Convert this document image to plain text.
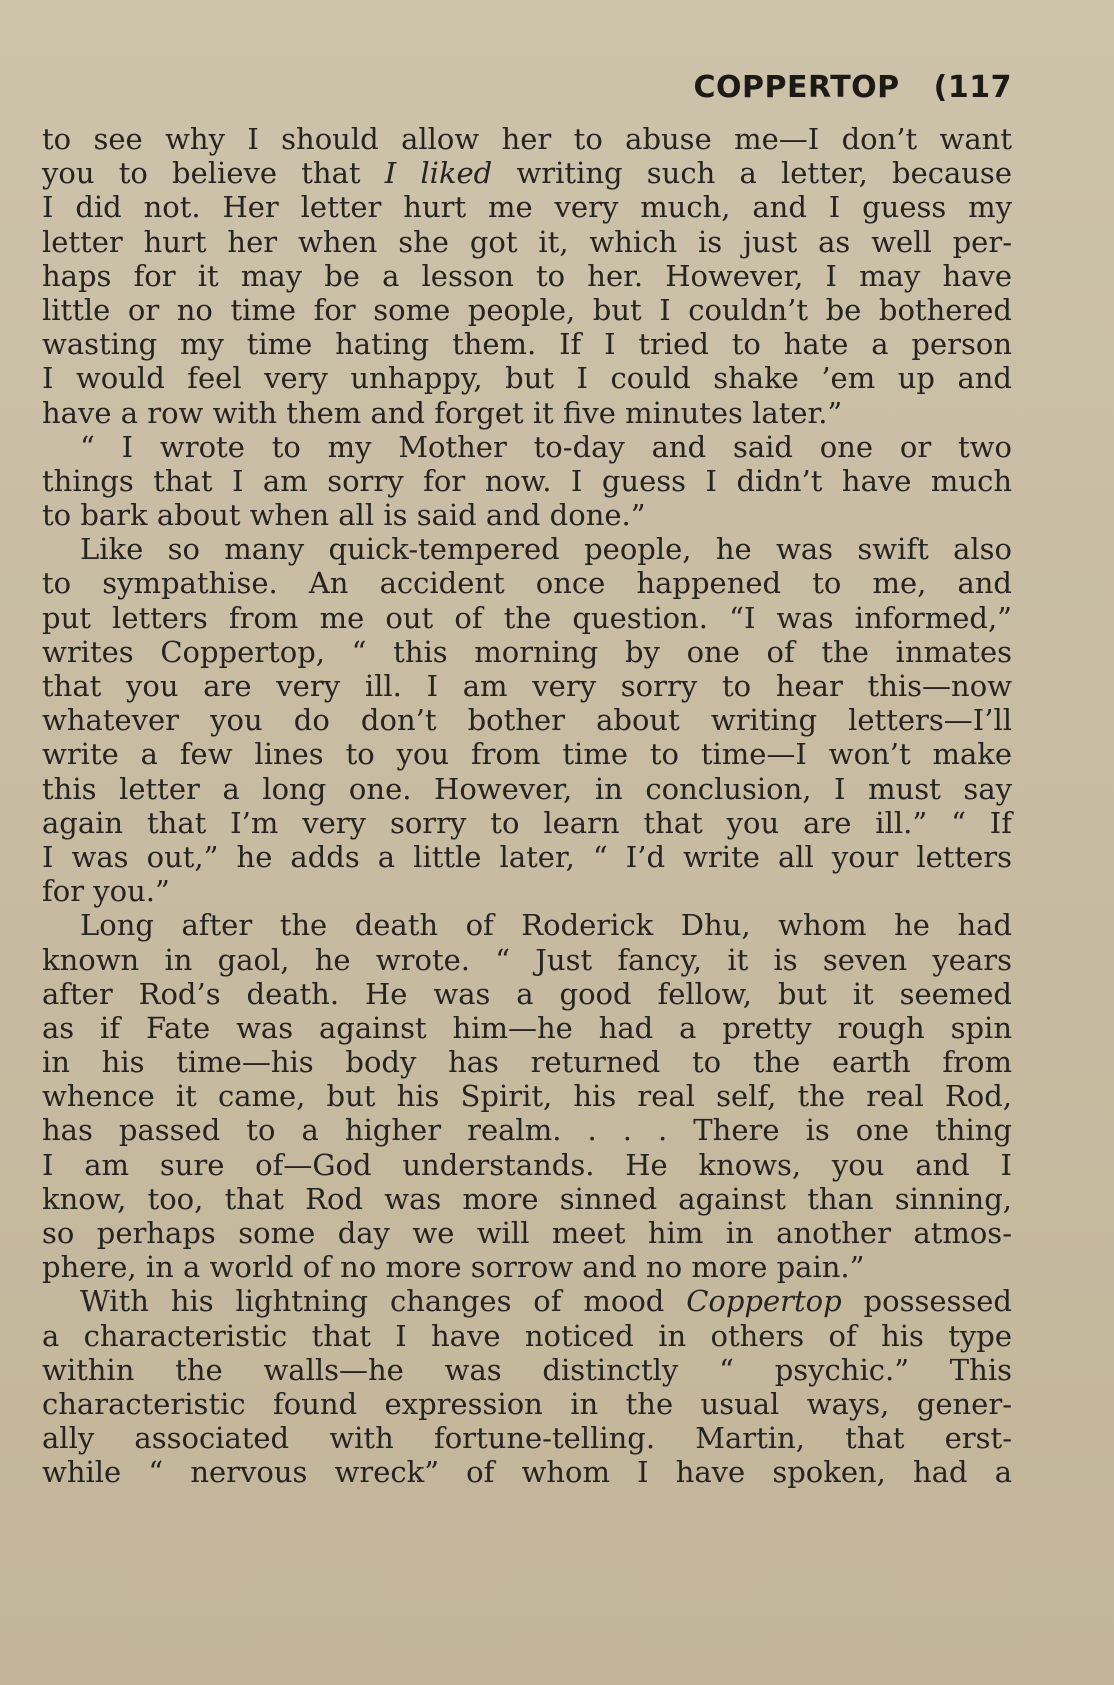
COPPERTOP (117
to see why I should allow her to abuse me—I don’t want
you to believe that I liked writing such a letter, because
I did not. Her letter hurt me very much, and I guess my
letter hurt her when she got it, which is just as well per-
haps for it may be a lesson to her. However, I may have
little or no time for some people, but I couldn’t be bothered
wasting my time hating them. If I tried to hate a person
I would feel very unhappy, but I could shake ’em up and
have a row with them and forget it five minutes later.”
“ I wrote to my Mother to-day and said one or two
things that I am sorry for now. I guess I didn’t have much
to bark about when all is said and done.”
Like so many quick-tempered people, he was swift also
to sympathise. An accident once happened to me, and
put letters from me out of the question. “I was informed,”
writes Coppertop, “ this morning by one of the inmates
that you are very ill. I am very sorry to hear this—now
whatever you do don’t bother about writing letters—I’ll
write a few lines to you from time to time—I won’t make
this letter a long one. However, in conclusion, I must say
again that I’m very sorry to learn that you are ill.” “ If
I was out,” he adds a little later, “ I’d write all your letters
for you.”
Long after the death of Roderick Dhu, whom he had
known in gaol, he wrote. “ Just fancy, it is seven years
after Rod’s death. He was a good fellow, but it seemed
as if Fate was against him—he had a pretty rough spin
in his time—his body has returned to the earth from
whence it came, but his Spirit, his real self, the real Rod,
has passed to a higher realm. . . . There is one thing
I am sure of—God understands. He knows, you and I
know, too, that Rod was more sinned against than sinning,
so perhaps some day we will meet him in another atmos-
phere, in a world of no more sorrow and no more pain.”
With his lightning changes of mood Coppertop possessed
a characteristic that I have noticed in others of his type
within the walls—he was distinctly “ psychic.” This
characteristic found expression in the usual ways, gener-
ally associated with fortune-telling. Martin, that erst-
while “ nervous wreck” of whom I have spoken, had a
